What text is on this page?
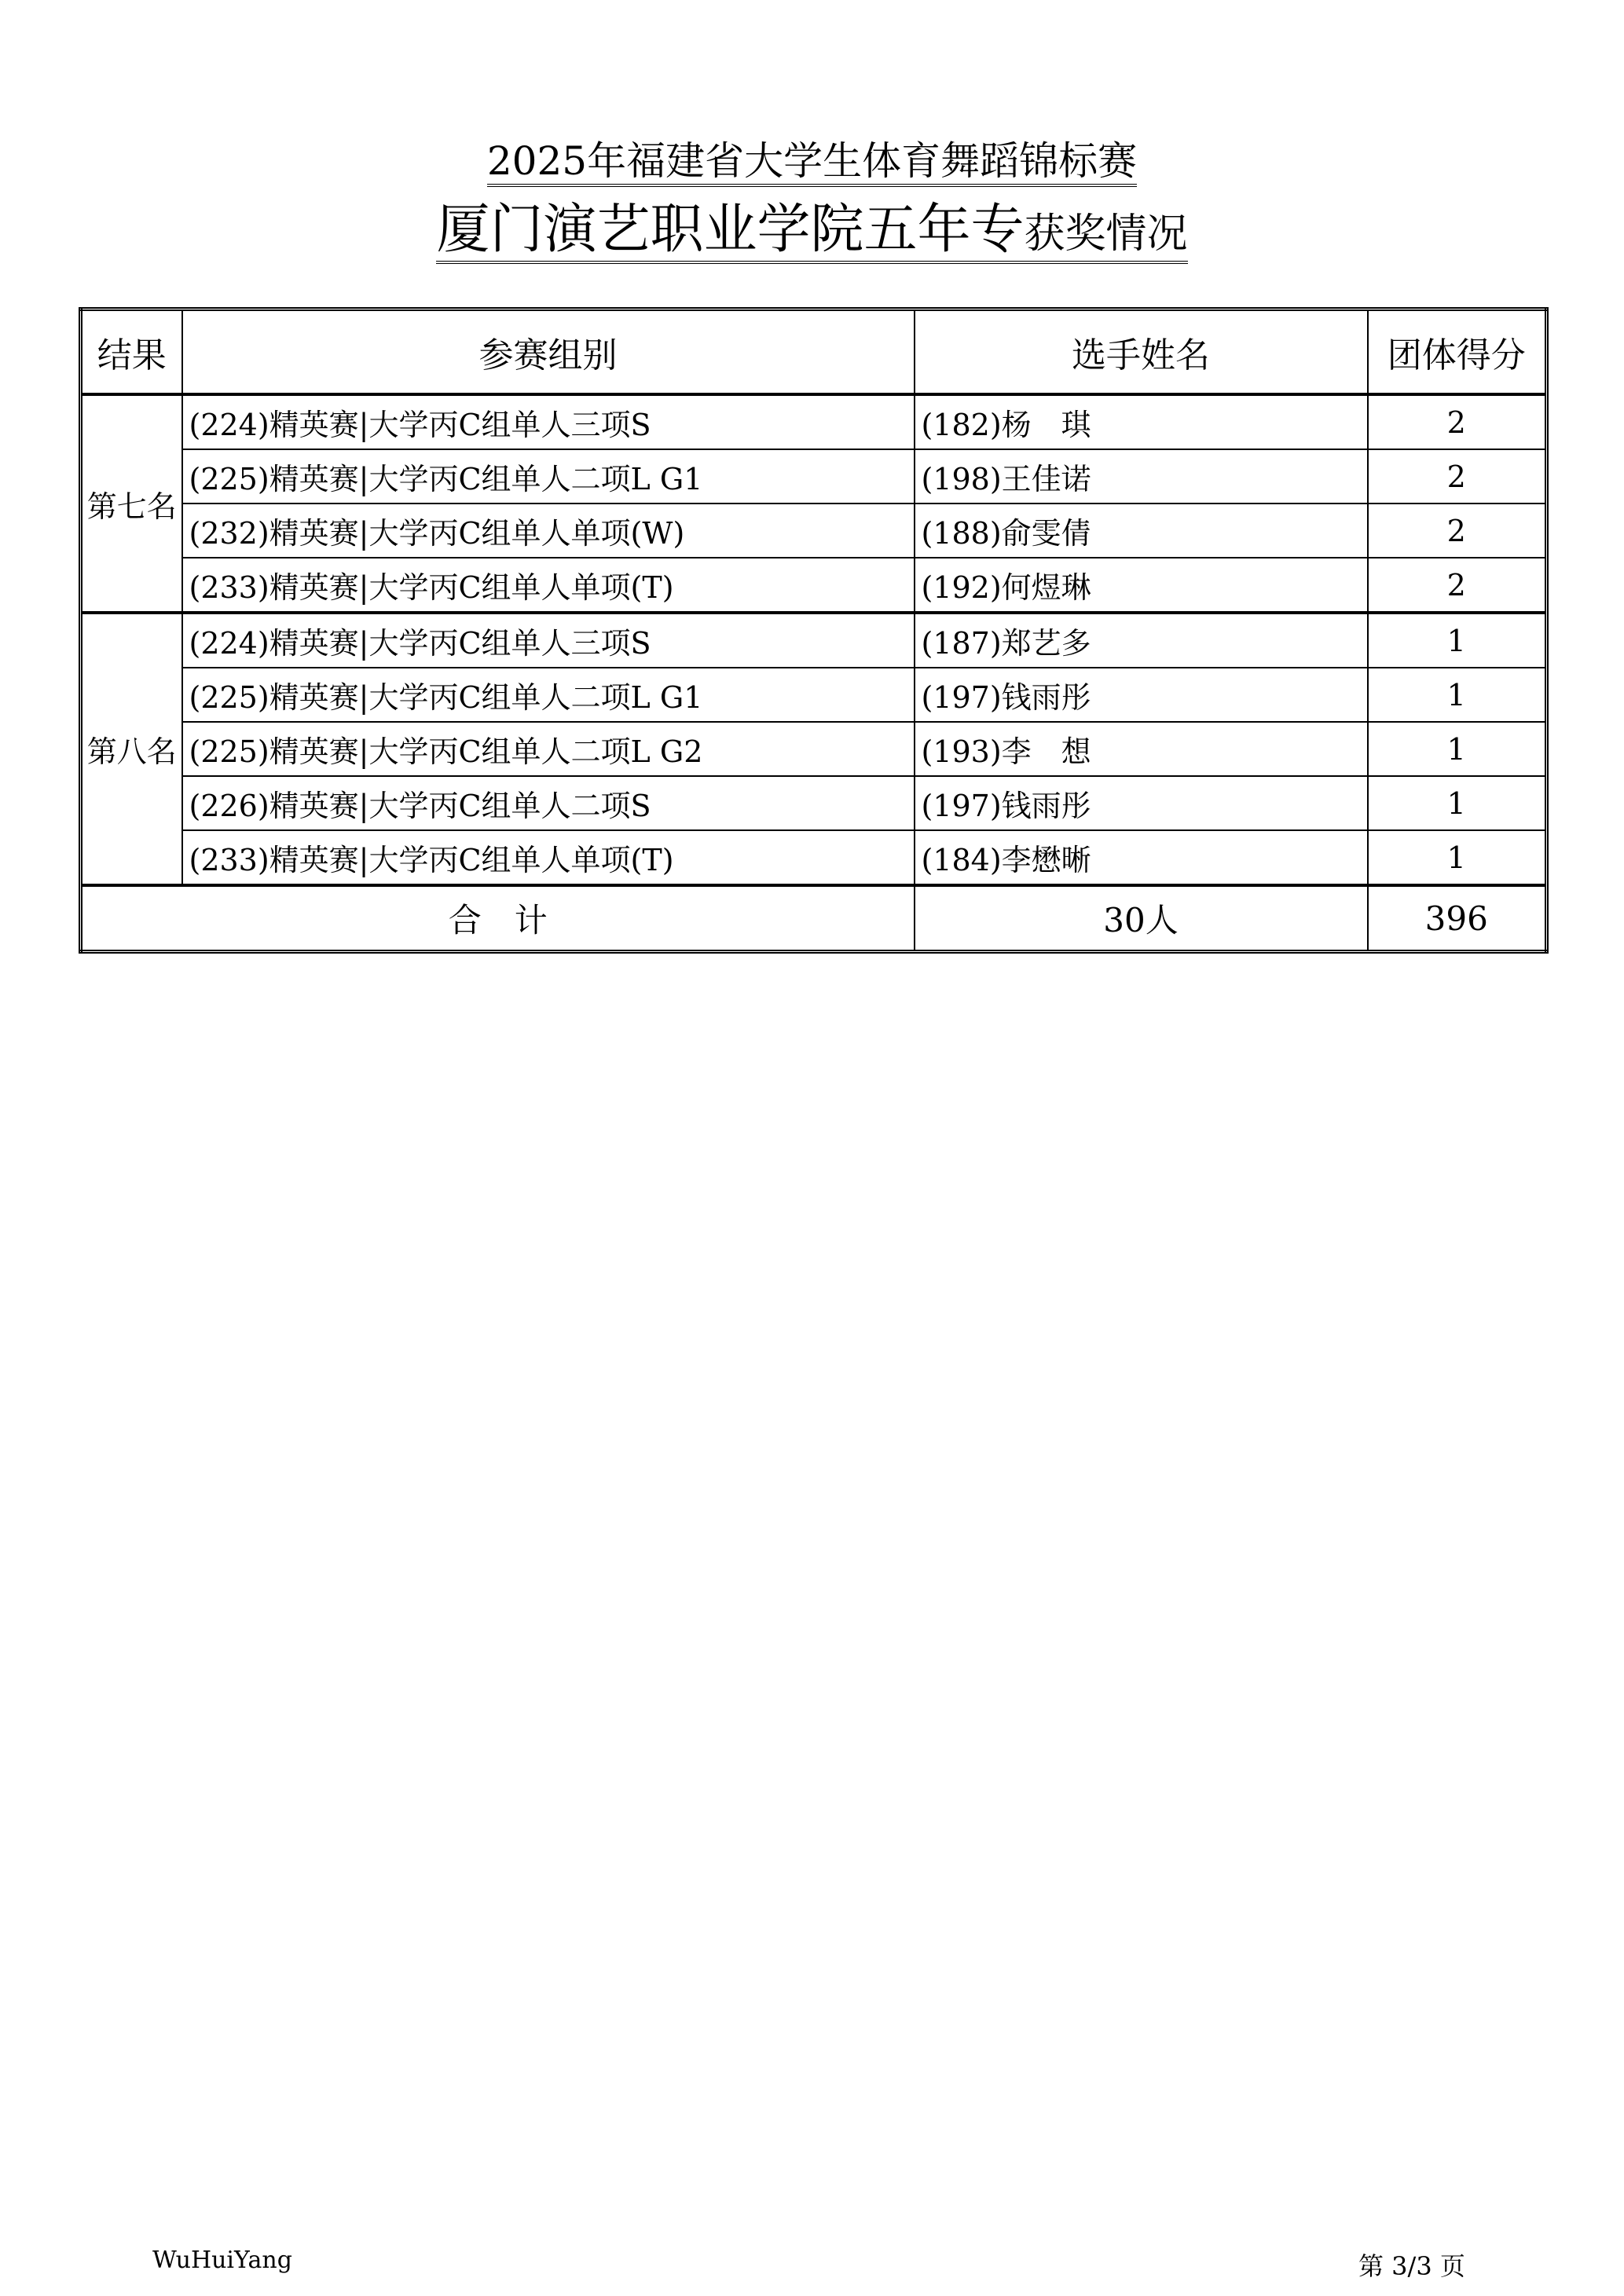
2025年福建省大学生体育舞蹈锦标赛
厦门演艺职业学院五年专获奖情况
结果	参赛组别	选手姓名	团体得分
第七名	(224)精英赛|大学丙C组单人三项S	(182)杨　琪	2
	(225)精英赛|大学丙C组单人二项L G1	(198)王佳诺	2
	(232)精英赛|大学丙C组单人单项(W)	(188)俞雯倩	2
	(233)精英赛|大学丙C组单人单项(T)	(192)何煜琳	2
第八名	(224)精英赛|大学丙C组单人三项S	(187)郑艺多	1
	(225)精英赛|大学丙C组单人二项L G1	(197)钱雨彤	1
	(225)精英赛|大学丙C组单人二项L G2	(193)李　想	1
	(226)精英赛|大学丙C组单人二项S	(197)钱雨彤	1
	(233)精英赛|大学丙C组单人单项(T)	(184)李懋晰	1
合　计		30人	396
WuHuiYang	第 3/3 页
